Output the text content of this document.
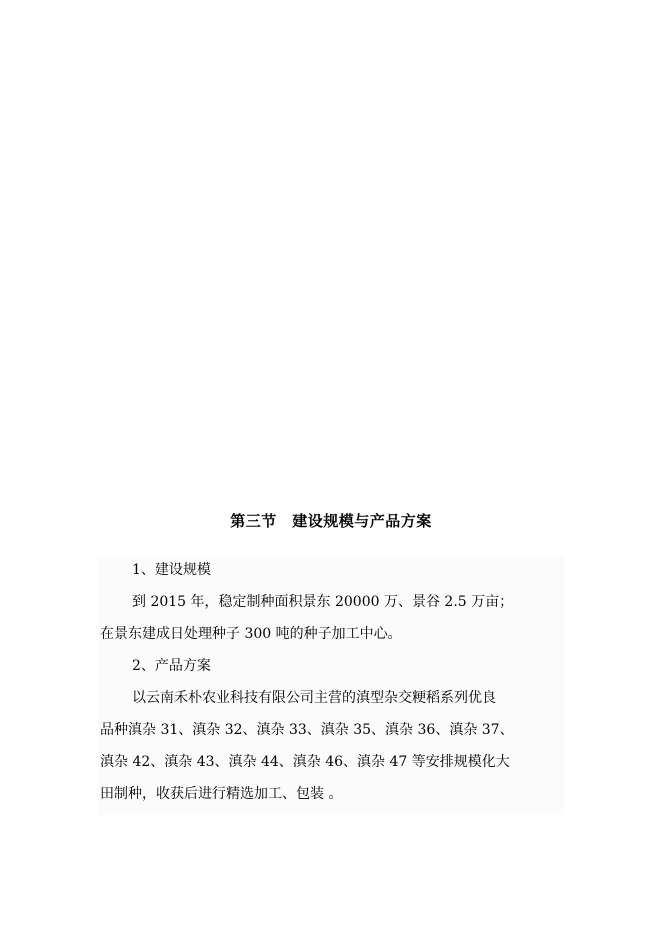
第三节　建设规模与产品方案
1、建设规模
到 2015 年，稳定制种面积景东 20000 万、景谷 2.5 万亩；
在景东建成日处理种子 300 吨的种子加工中心。
2、产品方案
以云南禾朴农业科技有限公司主营的滇型杂交粳稻系列优良
品种滇杂 31、滇杂 32、滇杂 33、滇杂 35、滇杂 36、滇杂 37、
滇杂 42、滇杂 43、滇杂 44、滇杂 46、滇杂 47 等安排规模化大
田制种，收获后进行精选加工、包装 。
